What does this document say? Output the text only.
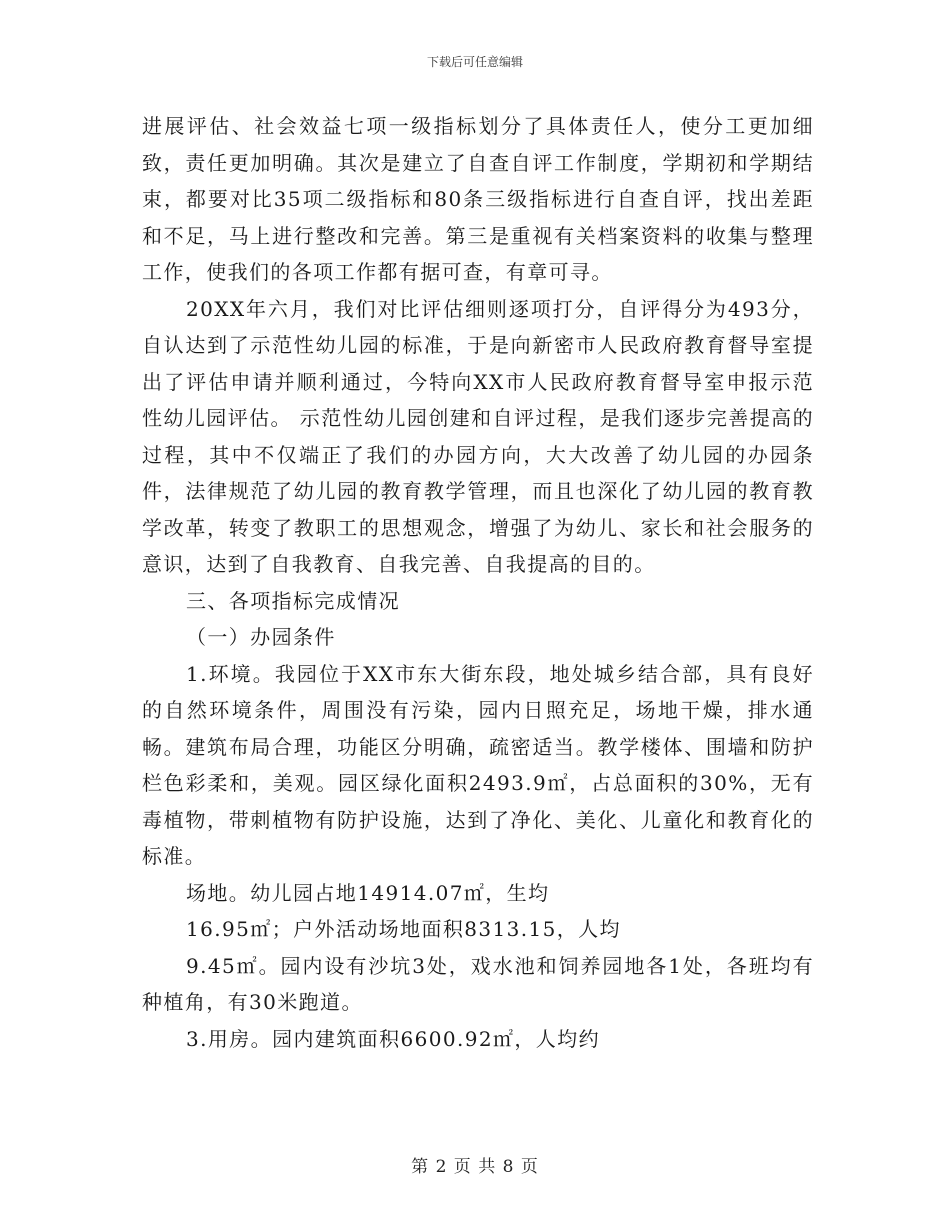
下载后可任意编辑

进展评估、社会效益七项一级指标划分了具体责任人，使分工更加细致，责任更加明确。其次是建立了自查自评工作制度，学期初和学期结束，都要对比35项二级指标和80条三级指标进行自查自评，找出差距和不足，马上进行整改和完善。第三是重视有关档案资料的收集与整理工作，使我们的各项工作都有据可查，有章可寻。

20XX年六月，我们对比评估细则逐项打分，自评得分为493分，自认达到了示范性幼儿园的标准，于是向新密市人民政府教育督导室提出了评估申请并顺利通过，今特向XX市人民政府教育督导室申报示范性幼儿园评估。 示范性幼儿园创建和自评过程，是我们逐步完善提高的过程，其中不仅端正了我们的办园方向，大大改善了幼儿园的办园条件，法律规范了幼儿园的教育教学管理，而且也深化了幼儿园的教育教学改革，转变了教职工的思想观念，增强了为幼儿、家长和社会服务的意识，达到了自我教育、自我完善、自我提高的目的。

三、各项指标完成情况

（一）办园条件

1.环境。我园位于XX市东大街东段，地处城乡结合部，具有良好的自然环境条件，周围没有污染，园内日照充足，场地干燥，排水通畅。建筑布局合理，功能区分明确，疏密适当。教学楼体、围墙和防护栏色彩柔和，美观。园区绿化面积2493.9㎡，占总面积的30%，无有毒植物，带刺植物有防护设施，达到了净化、美化、儿童化和教育化的标准。

场地。幼儿园占地14914.07㎡，生均

16.95㎡；户外活动场地面积8313.15，人均

9.45㎡。园内设有沙坑3处，戏水池和饲养园地各1处，各班均有种植角，有30米跑道。

3.用房。园内建筑面积6600.92㎡，人均约

第 2 页 共 8 页
